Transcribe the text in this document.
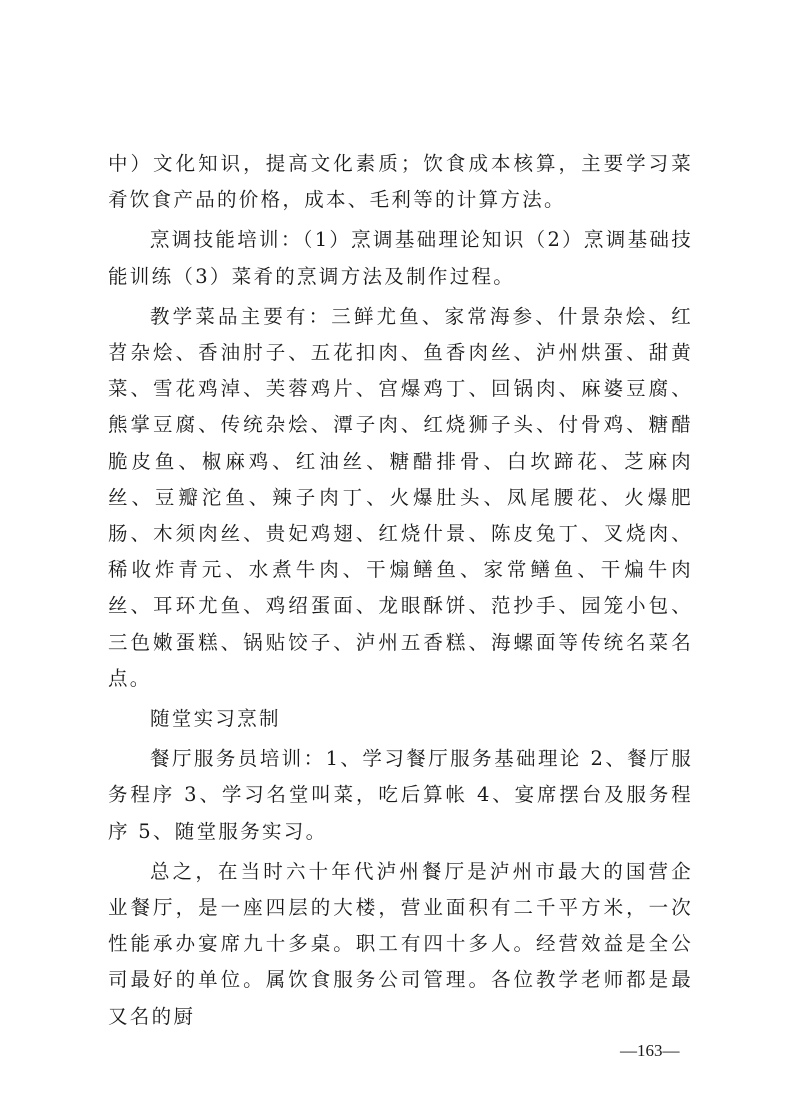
中）文化知识，提高文化素质；饮食成本核算，主要学习菜肴饮食产品的价格，成本、毛利等的计算方法。

烹调技能培训：（1）烹调基础理论知识（2）烹调基础技能训练（3）菜肴的烹调方法及制作过程。

教学菜品主要有：三鲜尤鱼、家常海参、什景杂烩、红苕杂烩、香油肘子、五花扣肉、鱼香肉丝、泸州烘蛋、甜黄菜、雪花鸡淖、芙蓉鸡片、宫爆鸡丁、回锅肉、麻婆豆腐、熊掌豆腐、传统杂烩、潭子肉、红烧狮子头、付骨鸡、糖醋脆皮鱼、椒麻鸡、红油丝、糖醋排骨、白坎蹄花、芝麻肉丝、豆瓣沱鱼、辣子肉丁、火爆肚头、凤尾腰花、火爆肥肠、木须肉丝、贵妃鸡翅、红烧什景、陈皮兔丁、叉烧肉、稀收炸青元、水煮牛肉、干煽鳝鱼、家常鳝鱼、干煸牛肉丝、耳环尤鱼、鸡绍蛋面、龙眼酥饼、范抄手、园笼小包、三色嫩蛋糕、锅贴饺子、泸州五香糕、海螺面等传统名菜名点。

随堂实习烹制

餐厅服务员培训：1、学习餐厅服务基础理论 2、餐厅服务程序 3、学习名堂叫菜，吃后算帐 4、宴席摆台及服务程序 5、随堂服务实习。

总之，在当时六十年代泸州餐厅是泸州市最大的国营企业餐厅，是一座四层的大楼，营业面积有二千平方米，一次性能承办宴席九十多桌。职工有四十多人。经营效益是全公司最好的单位。属饮食服务公司管理。各位教学老师都是最又名的厨

—163—
